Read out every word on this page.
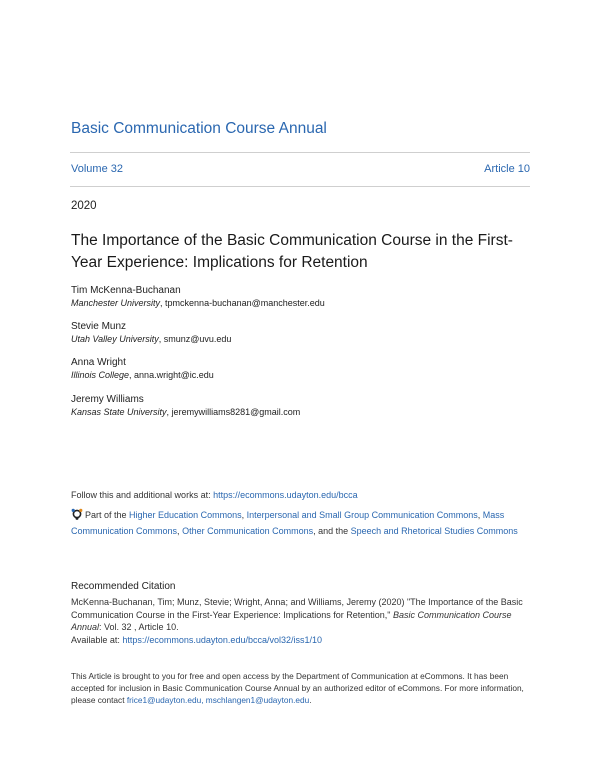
Basic Communication Course Annual
Volume 32	Article 10
2020
The Importance of the Basic Communication Course in the First-Year Experience: Implications for Retention
Tim McKenna-Buchanan
Manchester University, tpmckenna-buchanan@manchester.edu
Stevie Munz
Utah Valley University, smunz@uvu.edu
Anna Wright
Illinois College, anna.wright@ic.edu
Jeremy Williams
Kansas State University, jeremywilliams8281@gmail.com
Follow this and additional works at: https://ecommons.udayton.edu/bcca
Part of the Higher Education Commons, Interpersonal and Small Group Communication Commons, Mass Communication Commons, Other Communication Commons, and the Speech and Rhetorical Studies Commons
Recommended Citation
McKenna-Buchanan, Tim; Munz, Stevie; Wright, Anna; and Williams, Jeremy (2020) "The Importance of the Basic Communication Course in the First-Year Experience: Implications for Retention," Basic Communication Course Annual: Vol. 32 , Article 10.
Available at: https://ecommons.udayton.edu/bcca/vol32/iss1/10
This Article is brought to you for free and open access by the Department of Communication at eCommons. It has been accepted for inclusion in Basic Communication Course Annual by an authorized editor of eCommons. For more information, please contact frice1@udayton.edu, mschlangen1@udayton.edu.
